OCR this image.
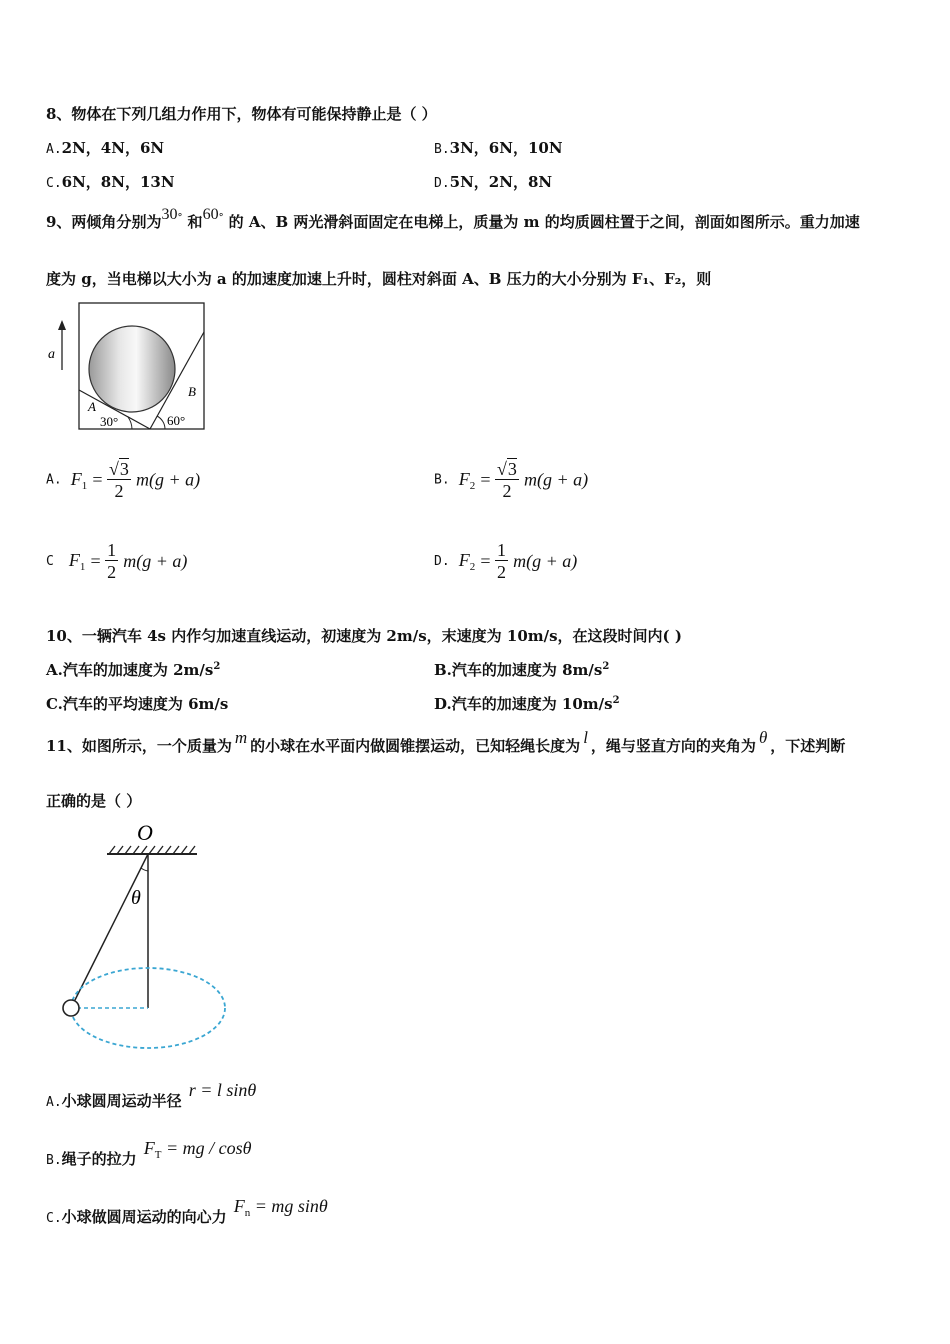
8、物体在下列几组力作用下，物体有可能保持静止是（ ）
A.2N，4N，6N	B.3N，6N，10N
C.6N，8N，13N	D.5N，2N，8N
9、两倾角分别为30° 和60° 的 A、B 两光滑斜面固定在电梯上，质量为 m 的均质圆柱置于之间，剖面如图所示。重力加速
度为 g，当电梯以大小为 a 的加速度加速上升时，圆柱对斜面 A、B 压力的大小分别为 F₁、F₂，则
a
A
B
30°	60°
A. $F_1 = \frac{√3}{2} m(g + a)$	B. $F_2 = \frac{√3}{2} m(g + a)$
C $F_1 = \frac{1}{2} m(g + a)$	D. $F_2 = \frac{1}{2} m(g + a)$
10、一辆汽车 4s 内作匀加速直线运动，初速度为 2m/s，末速度为 10m/s，在这段时间内( )
A.汽车的加速度为 $2m/s^2$	B.汽车的加速度为 $8m/s^2$
C.汽车的平均速度为 6m/s	D.汽车的加速度为 $10m/s^2$
11、如图所示，一个质量为 m 的小球在水平面内做圆锥摆运动，已知轻绳长度为 l ，绳与竖直方向的夹角为 θ ，下述判断
正确的是（ ）
O
θ
$_{A.}$小球圆周运动半径 r = l sinθ
$_{B.}$绳子的拉力 $F_T$ = mg / cosθ
$_{C.}$小球做圆周运动的向心力 $F_n$ = mg sinθ
